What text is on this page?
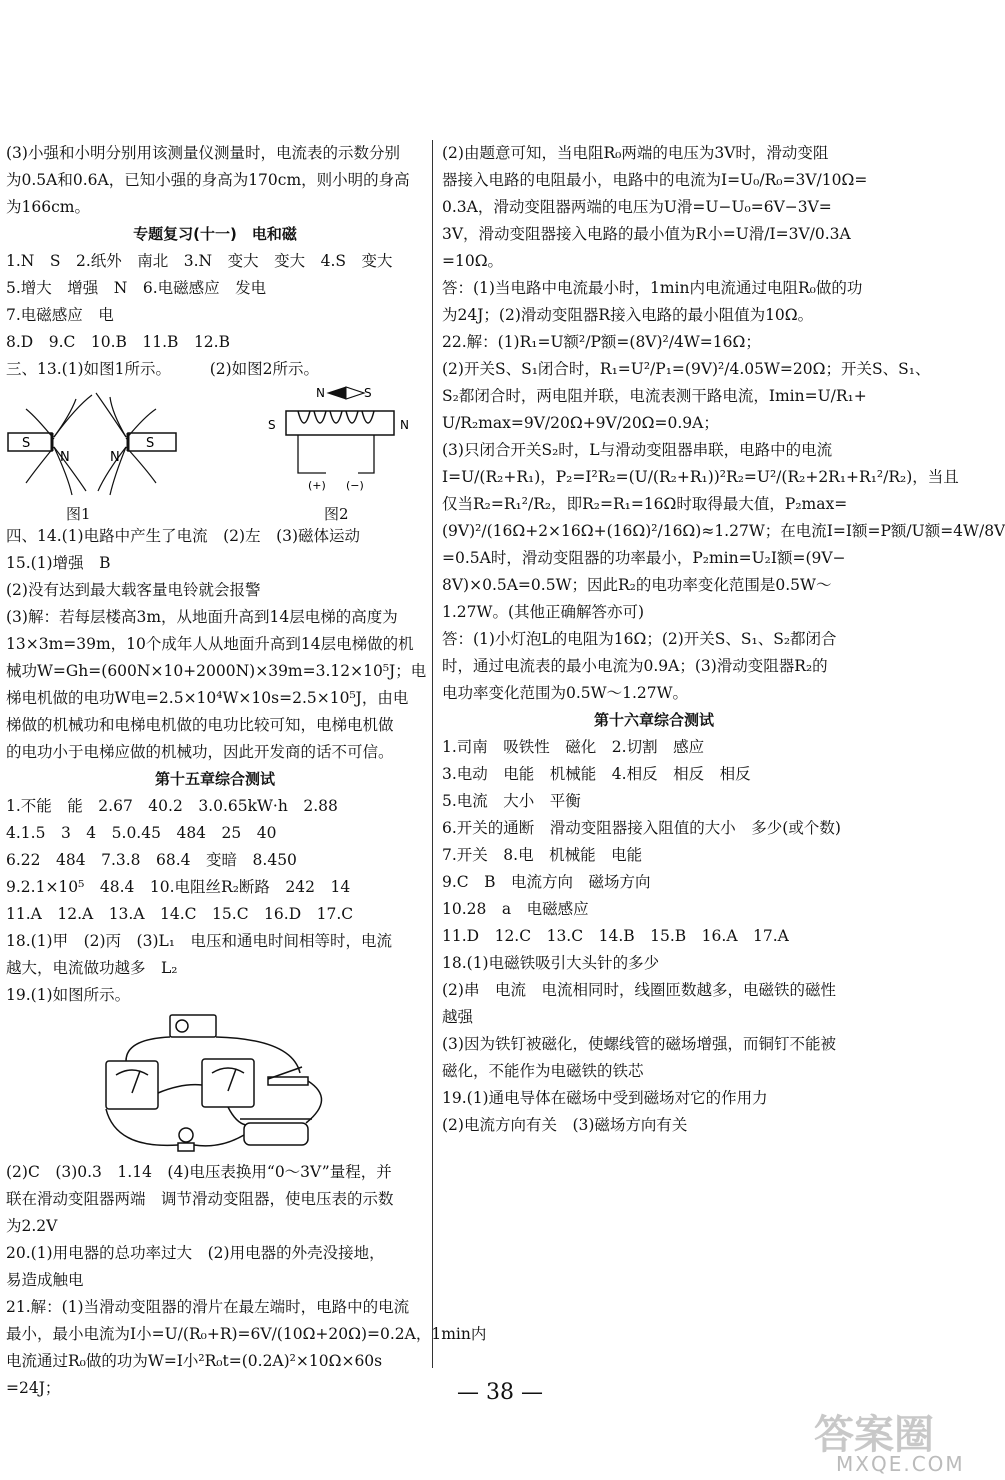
(3)小强和小明分别用该测量仪测量时，电流表的示数分别
为0.5A和0.6A，已知小强的身高为170cm，则小明的身高
为166cm。
专题复习(十一)　电和磁
1.N　S　2.纸外　南北　3.N　变大　变大　4.S　变大
5.增大　增强　N　6.电磁感应　发电
7.电磁感应　电
8.D　9.C　10.B　11.B　12.B
三、13.(1)如图1所示。　　　(2)如图2所示。
S
N	N
S
图1
N	S
S	N
(+) (−)
图2
四、14.(1)电路中产生了电流　(2)左　(3)磁体运动
15.(1)增强　B
(2)没有达到最大载客量电铃就会报警
(3)解：若每层楼高3m，从地面升高到14层电梯的高度为
13×3m=39m，10个成年人从地面升高到14层电梯做的机
械功W=Gh=(600N×10+2000N)×39m=3.12×10⁵J；电
梯电机做的电功W电=2.5×10⁴W×10s=2.5×10⁵J，由电
梯做的机械功和电梯电机做的电功比较可知，电梯电机做
的电功小于电梯应做的机械功，因此开发商的话不可信。
第十五章综合测试
1.不能　能　2.67　40.2　3.0.65kW·h　2.88
4.1.5　3　4　5.0.45　484　25　40
6.22　484　7.3.8　68.4　变暗　8.450
9.2.1×10⁵　48.4　10.电阻丝R₂断路　242　14
11.A　12.A　13.A　14.C　15.C　16.D　17.C
18.(1)甲　(2)丙　(3)L₁　电压和通电时间相等时，电流
越大，电流做功越多　L₂
19.(1)如图所示。
(2)C　(3)0.3　1.14　(4)电压表换用“0～3V”量程，并
联在滑动变阻器两端　调节滑动变阻器，使电压表的示数
为2.2V
20.(1)用电器的总功率过大　(2)用电器的外壳没接地，
易造成触电
21.解：(1)当滑动变阻器的滑片在最左端时，电路中的电流
最小，最小电流为I小=U/(R₀+R)=6V/(10Ω+20Ω)=0.2A，1min内
电流通过R₀做的功为W=I小²R₀t=(0.2A)²×10Ω×60s
=24J；
(2)由题意可知，当电阻R₀两端的电压为3V时，滑动变阻
器接入电路的电阻最小，电路中的电流为I=U₀/R₀=3V/10Ω=
0.3A，滑动变阻器两端的电压为U滑=U−U₀=6V−3V=
3V，滑动变阻器接入电路的最小值为R小=U滑/I=3V/0.3A
=10Ω。
答：(1)当电路中电流最小时，1min内电流通过电阻R₀做的功
为24J；(2)滑动变阻器R接入电路的最小阻值为10Ω。
22.解：(1)R₁=U额²/P额=(8V)²/4W=16Ω；
(2)开关S、S₁闭合时，R₁=U²/P₁=(9V)²/4.05W=20Ω；开关S、S₁、
S₂都闭合时，两电阻并联，电流表测干路电流，Imin=U/R₁+
U/R₂max=9V/20Ω+9V/20Ω=0.9A；
(3)只闭合开关S₂时，L与滑动变阻器串联，电路中的电流
I=U/(R₂+R₁)，P₂=I²R₂=(U/(R₂+R₁))²R₂=U²/(R₂+2R₁+R₁²/R₂)，当且
仅当R₂=R₁²/R₂，即R₂=R₁=16Ω时取得最大值，P₂max=
(9V)²/(16Ω+2×16Ω+(16Ω)²/16Ω)≈1.27W；在电流I=I额=P额/U额=4W/8V
=0.5A时，滑动变阻器的功率最小，P₂min=U₂I额=(9V−
8V)×0.5A=0.5W；因此R₂的电功率变化范围是0.5W～
1.27W。(其他正确解答亦可)
答：(1)小灯泡L的电阻为16Ω；(2)开关S、S₁、S₂都闭合
时，通过电流表的最小电流为0.9A；(3)滑动变阻器R₂的
电功率变化范围为0.5W～1.27W。
第十六章综合测试
1.司南　吸铁性　磁化　2.切割　感应
3.电动　电能　机械能　4.相反　相反　相反
5.电流　大小　平衡
6.开关的通断　滑动变阻器接入阻值的大小　多少(或个数)
7.开关　8.电　机械能　电能
9.C　B　电流方向　磁场方向
10.28　a　电磁感应
11.D　12.C　13.C　14.B　15.B　16.A　17.A
18.(1)电磁铁吸引大头针的多少
(2)串　电流　电流相同时，线圈匝数越多，电磁铁的磁性
越强
(3)因为铁钉被磁化，使螺线管的磁场增强，而铜钉不能被
磁化，不能作为电磁铁的铁芯
19.(1)通电导体在磁场中受到磁场对它的作用力
(2)电流方向有关　(3)磁场方向有关
— 38 —
答案圈
MXQE.COM
